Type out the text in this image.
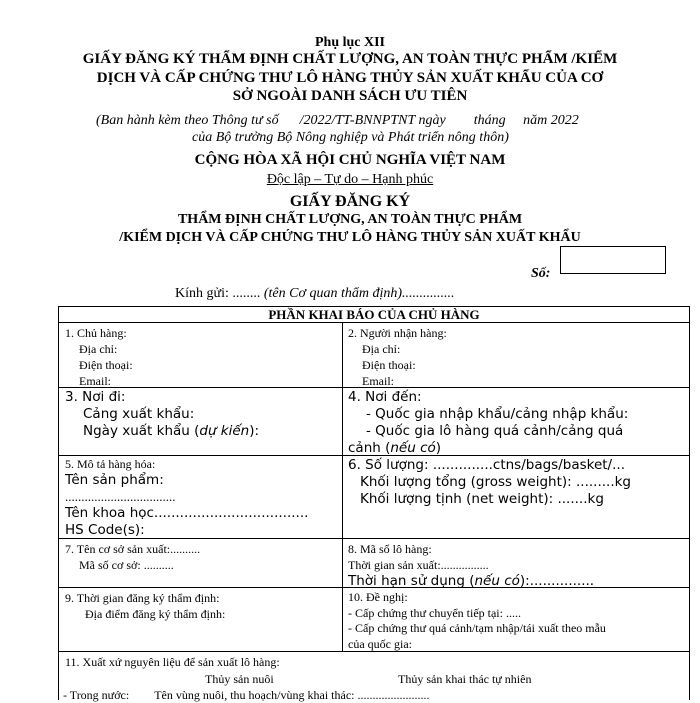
Phụ lục XII
GIẤY ĐĂNG KÝ THẨM ĐỊNH CHẤT LƯỢNG, AN TOÀN THỰC PHẨM /KIỂM
DỊCH VÀ CẤP CHỨNG THƯ LÔ HÀNG THỦY SẢN XUẤT KHẨU CỦA CƠ
SỞ NGOÀI DANH SÁCH ƯU TIÊN
(Ban hành kèm theo Thông tư số      /2022/TT-BNNPTNT ngày        tháng     năm 2022
của Bộ trưởng Bộ Nông nghiệp và Phát triển nông thôn)
CỘNG HÒA XÃ HỘI CHỦ NGHĨA VIỆT NAM
Độc lập – Tự do – Hạnh phúc
GIẤY ĐĂNG KÝ
THẨM ĐỊNH CHẤT LƯỢNG, AN TOÀN THỰC PHẨM
/KIỂM DỊCH VÀ CẤP CHỨNG THƯ LÔ HÀNG THỦY SẢN XUẤT KHẨU
Số:
Kính gửi: ........ (tên Cơ quan thẩm định)...............
PHẦN KHAI BÁO CỦA CHỦ HÀNG
1. Chủ hàng:
Địa chỉ:
Điện thoại:
Email:
2. Người nhận hàng:
Địa chỉ:
Điện thoại:
Email:
3. Nơi đi:
Cảng xuất khẩu:
Ngày xuất khẩu (dự kiến):
4. Nơi đến:
- Quốc gia nhập khẩu/cảng nhập khẩu:
- Quốc gia lô hàng quá cảnh/cảng quá
cảnh (nếu có)
5. Mô tả hàng hóa:
Tên sản phẩm:
..................................
Tên khoa học....................................
HS Code(s):
6. Số lượng: ..............ctns/bags/basket/...
Khối lượng tổng (gross weight): .........kg
Khối lượng tịnh (net weight): .......kg
7. Tên cơ sở sản xuất:..........
Mã số cơ sở: ..........
8. Mã số lô hàng:
Thời gian sản xuất:................
Thời hạn sử dụng (nếu có):...............
9. Thời gian đăng ký thẩm định:
Địa điểm đăng ký thẩm định:
10. Đề nghị:
- Cấp chứng thư chuyển tiếp tại: .....
- Cấp chứng thư quá cảnh/tạm nhập/tái xuất theo mẫu
của quốc gia:
11. Xuất xứ nguyên liệu để sản xuất lô hàng:
Thủy sản nuôi	Thủy sản khai thác tự nhiên
- Trong nước: Tên vùng nuôi, thu hoạch/vùng khai thác: ........................
